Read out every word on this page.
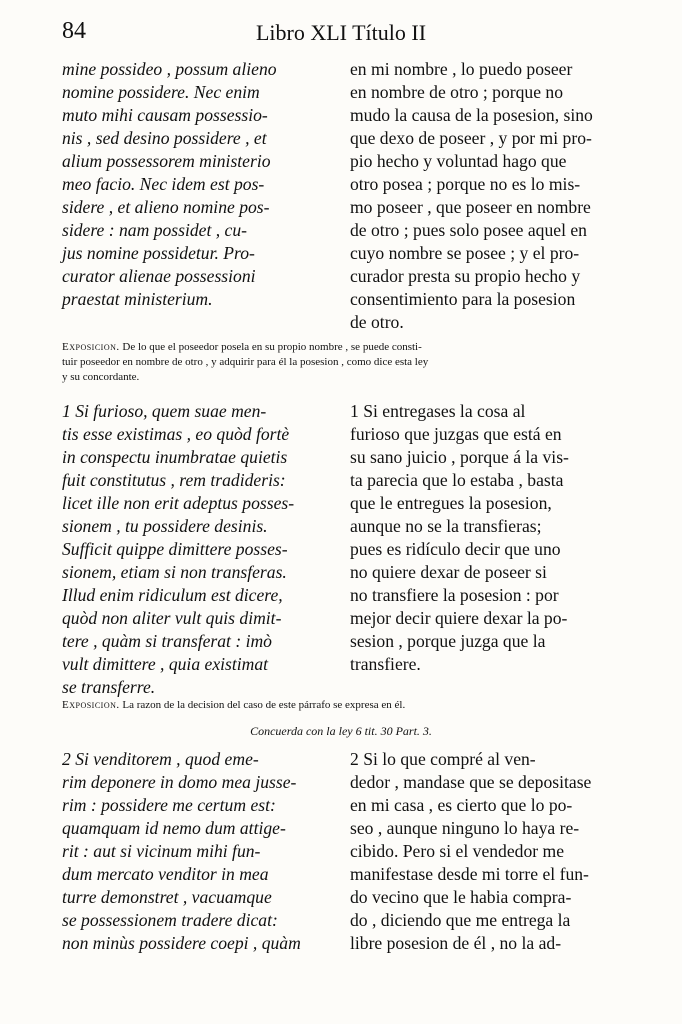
84	Libro XLI Título II

mine possideo , possum alieno
nomine possidere. Nec enim
muto mihi causam possessio-
nis , sed desino possidere , et
alium possessorem ministerio
meo facio. Nec idem est pos-
sidere , et alieno nomine pos-
sidere : nam possidet , cu-
jus nomine possidetur. Pro-
curator alienae possessioni
praestat ministerium.

en mi nombre , lo puedo poseer
en nombre de otro ; porque no
mudo la causa de la posesion, sino
que dexo de poseer , y por mi pro-
pio hecho y voluntad hago que
otro posea ; porque no es lo mis-
mo poseer , que poseer en nombre
de otro ; pues solo posee aquel en
cuyo nombre se posee ; y el pro-
curador presta su propio hecho y
consentimiento para la posesion
de otro.

Exposicion. De lo que el poseedor posela en su propio nombre , se puede consti-
tuir poseedor en nombre de otro , y adquirir para él la posesion , como dice esta ley
y su concordante.

1 Si furioso, quem suae men-
tis esse existimas , eo quòd fortè
in conspectu inumbratae quietis
fuit constitutus , rem tradideris:
licet ille non erit adeptus posses-
sionem , tu possidere desinis.
Sufficit quippe dimittere posses-
sionem, etiam si non transferas.
Illud enim ridiculum est dicere,
quòd non aliter vult quis dimit-
tere , quàm si transferat : imò
vult dimittere , quia existimat
se transferre.

1 Si entregases la cosa al
furioso que juzgas que está en
su sano juicio , porque á la vis-
ta parecia que lo estaba , basta
que le entregues la posesion,
aunque no se la transfieras;
pues es ridículo decir que uno
no quiere dexar de poseer si
no transfiere la posesion : por
mejor decir quiere dexar la po-
sesion , porque juzga que la
transfiere.

Exposicion. La razon de la decision del caso de este párrafo se expresa en él.

Concuerda con la ley 6 tit. 30 Part. 3.

2 Si venditorem , quod eme-
rim deponere in domo mea jusse-
rim : possidere me certum est:
quamquam id nemo dum attige-
rit : aut si vicinum mihi fun-
dum mercato venditor in mea
turre demonstret , vacuamque
se possessionem tradere dicat:
non minùs possidere coepi , quàm

2 Si lo que compré al ven-
dedor , mandase que se depositase
en mi casa , es cierto que lo po-
seo , aunque ninguno lo haya re-
cibido. Pero si el vendedor me
manifestase desde mi torre el fun-
do vecino que le habia compra-
do , diciendo que me entrega la
libre posesion de él , no la ad-
